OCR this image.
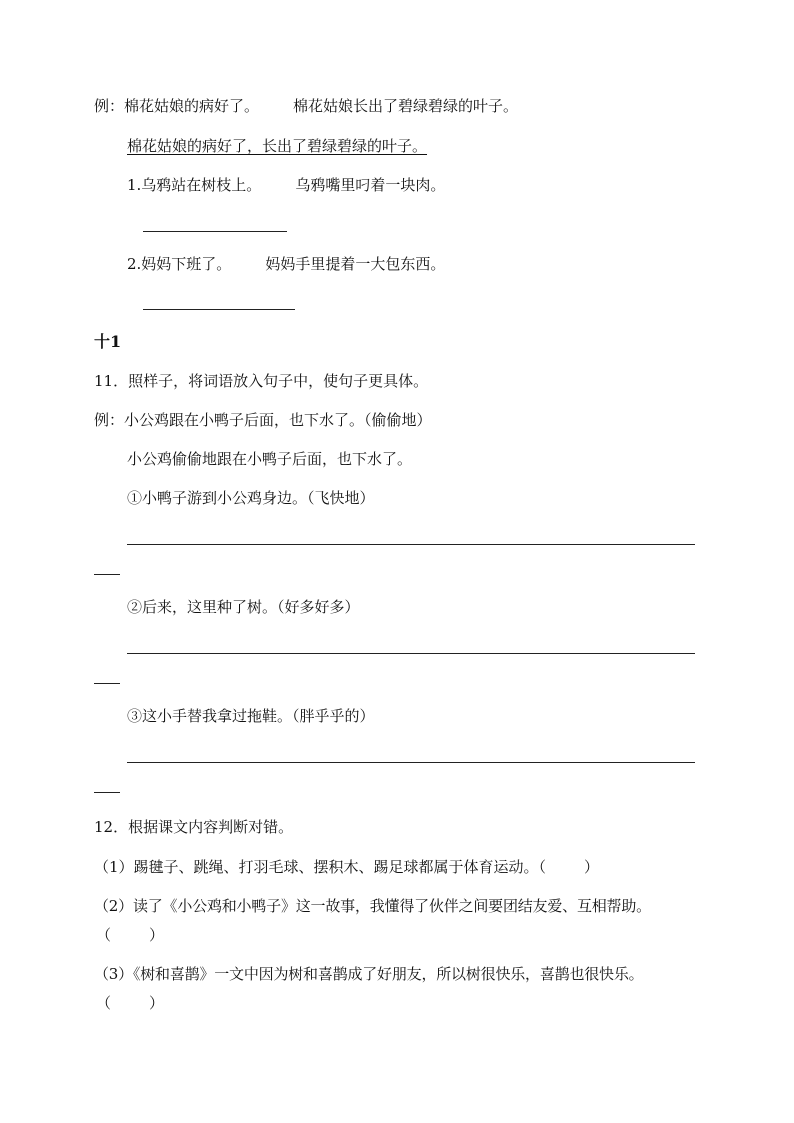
例：棉花姑娘的病好了。 棉花姑娘长出了碧绿碧绿的叶子。
棉花姑娘的病好了，长出了碧绿碧绿的叶子。
1.乌鸦站在树枝上。 乌鸦嘴里叼着一块肉。
2.妈妈下班了。 妈妈手里提着一大包东西。
十1
11．照样子，将词语放入句子中，使句子更具体。
例：小公鸡跟在小鸭子后面，也下水了。（偷偷地）
小公鸡偷偷地跟在小鸭子后面，也下水了。
①小鸭子游到小公鸡身边。（飞快地）
②后来，这里种了树。（好多好多）
③这小手替我拿过拖鞋。（胖乎乎的）
12．根据课文内容判断对错。
（1）踢毽子、跳绳、打羽毛球、摆积木、踢足球都属于体育运动。（	）
（2）读了《小公鸡和小鸭子》这一故事，我懂得了伙伴之间要团结友爱、互相帮助。
（	）
（3）《树和喜鹊》一文中因为树和喜鹊成了好朋友，所以树很快乐，喜鹊也很快乐。
（	）
